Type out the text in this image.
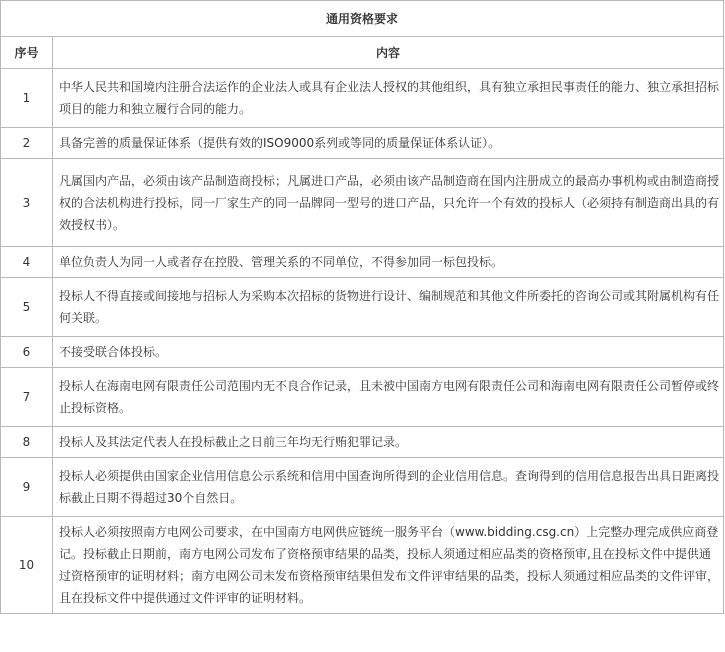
通用资格要求	
序号	内容
1	中华人民共和国境内注册合法运作的企业法人或具有企业法人授权的其他组织，具有独立承担民事责任的能力、独立承担招标项目的能力和独立履行合同的能力。
2	具备完善的质量保证体系（提供有效的ISO9000系列或等同的质量保证体系认证）。
3	凡属国内产品，必须由该产品制造商投标；凡属进口产品，必须由该产品制造商在国内注册成立的最高办事机构或由制造商授权的合法机构进行投标，同一厂家生产的同一品牌同一型号的进口产品，只允许一个有效的投标人（必须持有制造商出具的有效授权书）。
4	单位负责人为同一人或者存在控股、管理关系的不同单位，不得参加同一标包投标。
5	投标人不得直接或间接地与招标人为采购本次招标的货物进行设计、编制规范和其他文件所委托的咨询公司或其附属机构有任何关联。
6	不接受联合体投标。
7	投标人在海南电网有限责任公司范围内无不良合作记录，且未被中国南方电网有限责任公司和海南电网有限责任公司暂停或终止投标资格。
8	投标人及其法定代表人在投标截止之日前三年均无行贿犯罪记录。
9	投标人必须提供由国家企业信用信息公示系统和信用中国查询所得到的企业信用信息。查询得到的信用信息报告出具日距离投标截止日期不得超过30个自然日。
10	投标人必须按照南方电网公司要求，在中国南方电网供应链统一服务平台（www.bidding.csg.cn）上完整办理完成供应商登记。投标截止日期前，南方电网公司发布了资格预审结果的品类，投标人须通过相应品类的资格预审,且在投标文件中提供通过资格预审的证明材料；南方电网公司未发布资格预审结果但发布文件评审结果的品类，投标人须通过相应品类的文件评审，且在投标文件中提供通过文件评审的证明材料。
